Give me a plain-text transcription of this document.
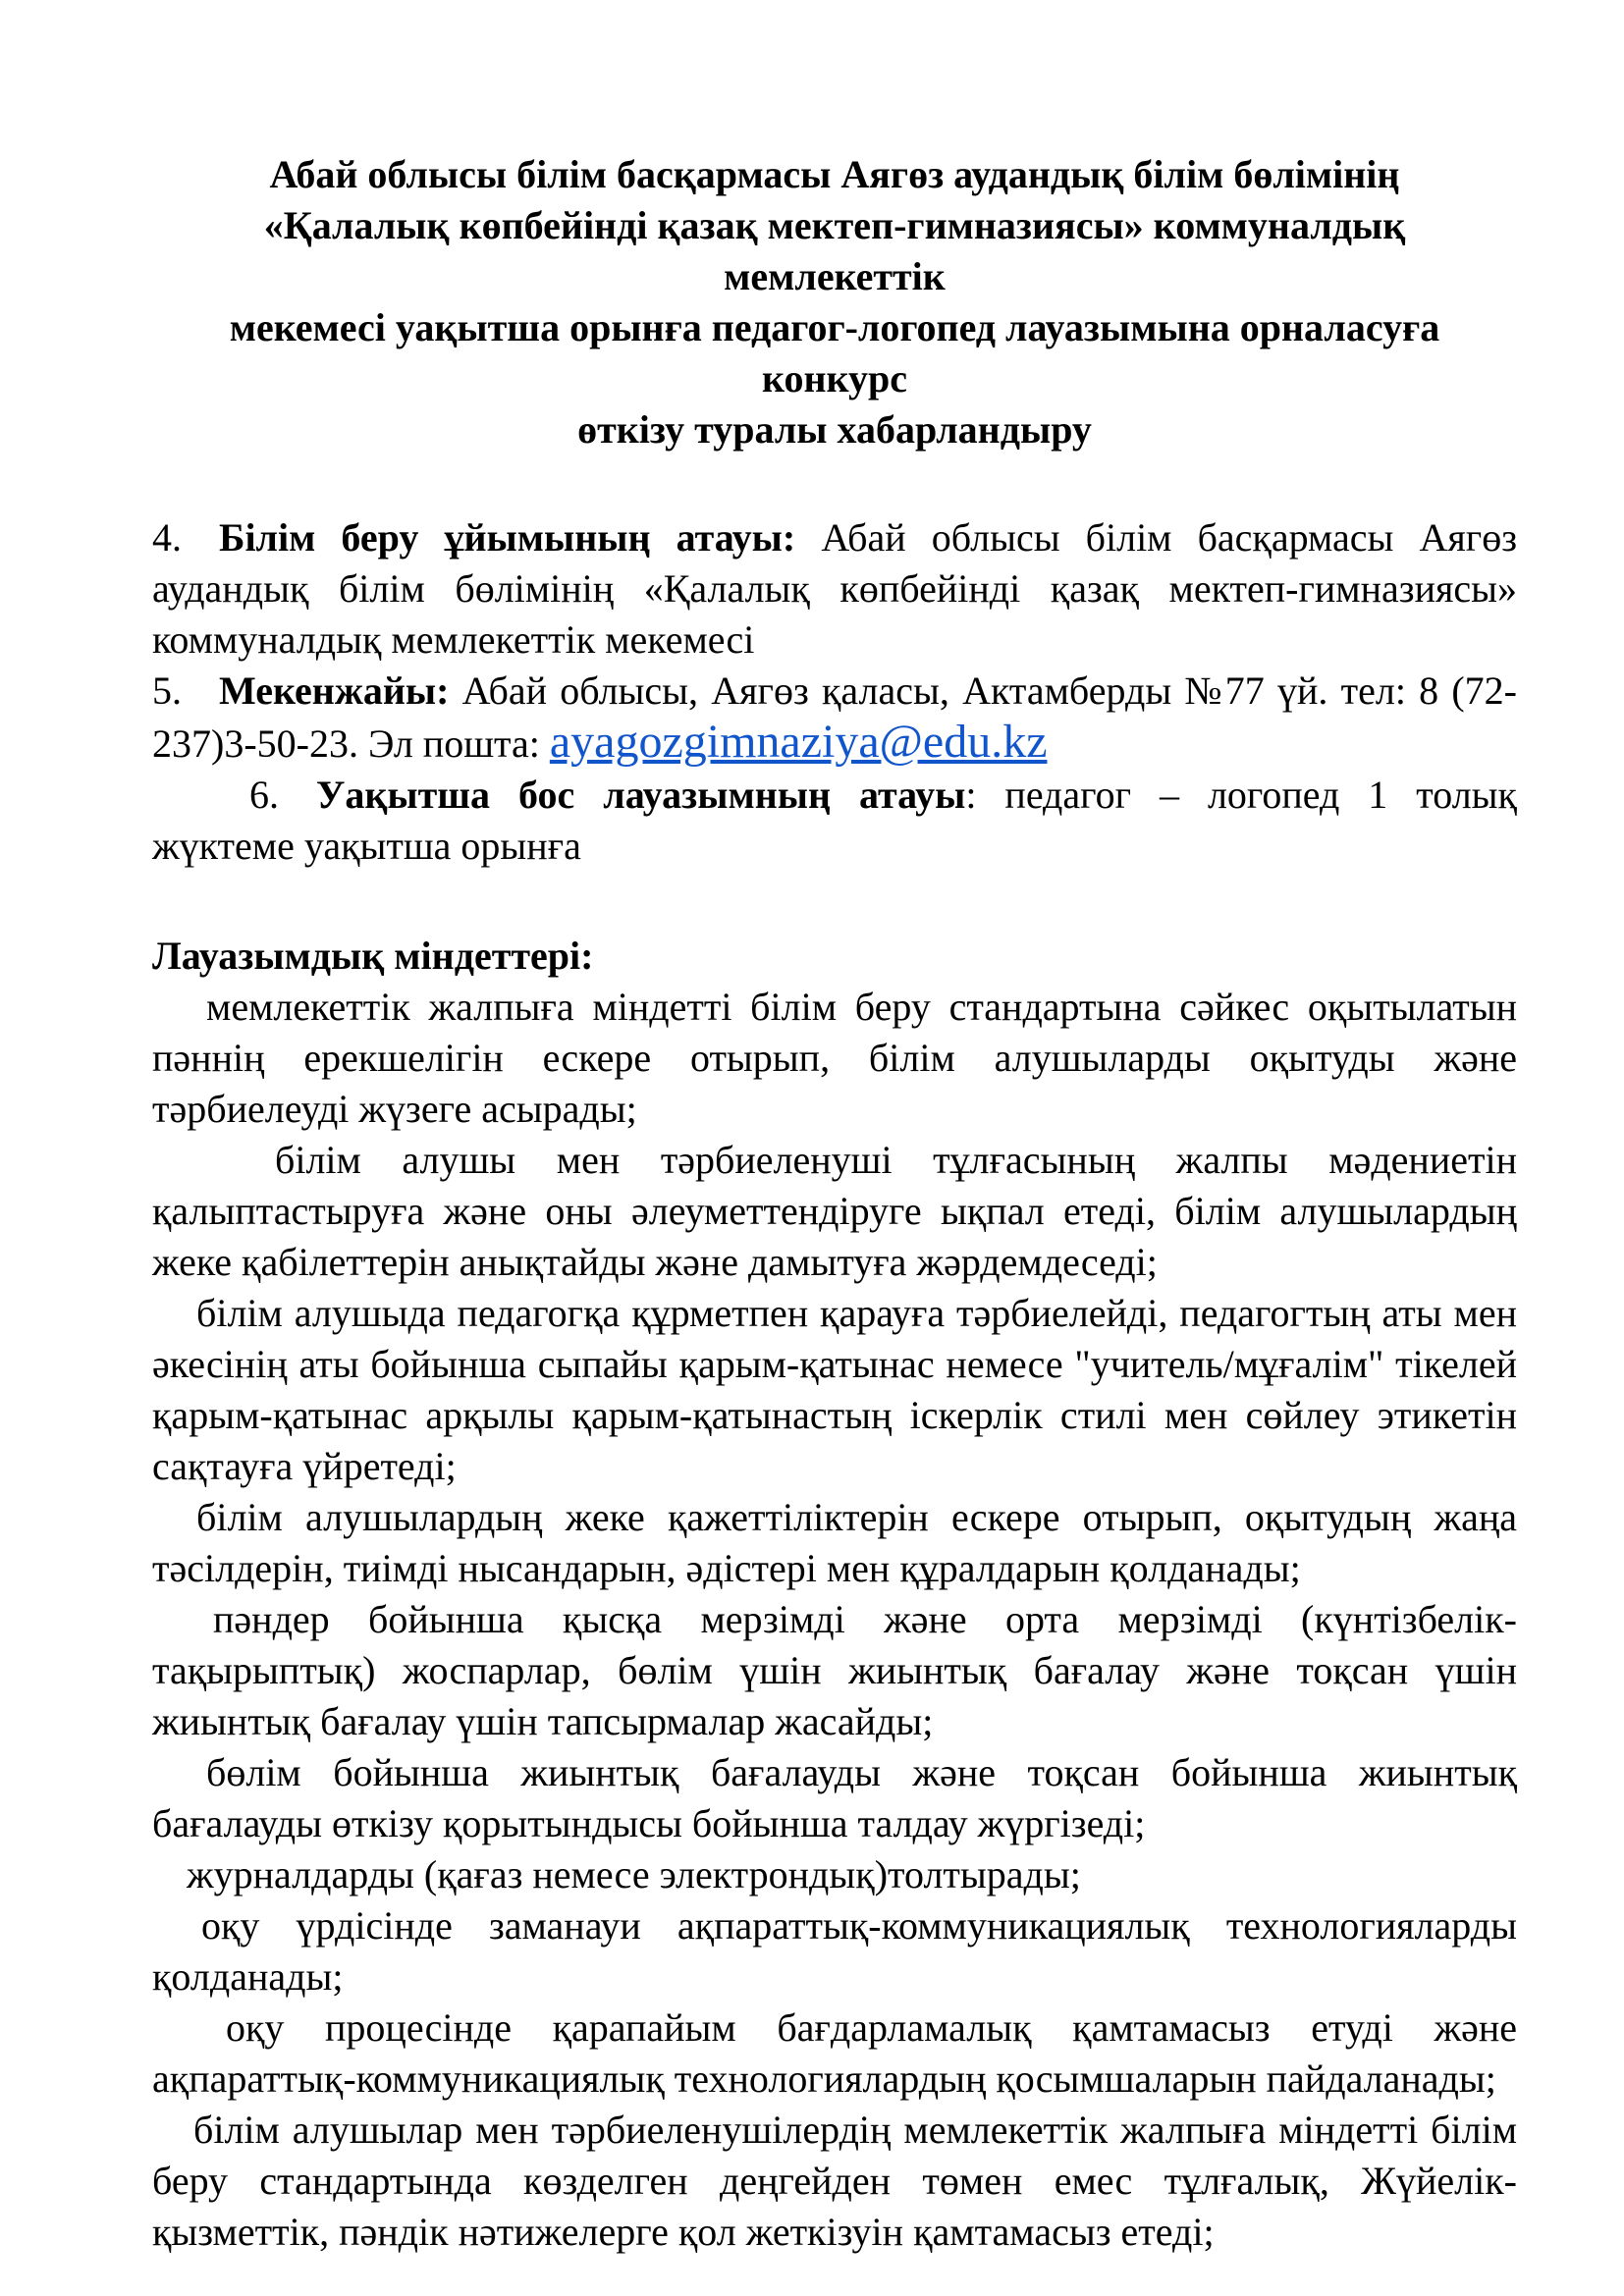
Абай облысы білім басқармасы Аягөз аудандық білім бөлімінің
«Қалалық көпбейінді қазақ мектеп-гимназиясы» коммуналдық мемлекеттік
мекемесі уақытша орынға педагог-логопед лауазымына орналасуға конкурс
өткізу туралы хабарландыру

4. Білім беру ұйымының атауы: Абай облысы білім басқармасы Аягөз аудандық білім бөлімінің «Қалалық көпбейінді қазақ мектеп-гимназиясы» коммуналдық мемлекеттік мекемесі

5. Мекенжайы: Абай облысы, Аягөз қаласы, Актамберды №77 үй. тел: 8 (72-237)3-50-23. Эл пошта: ayagozgimnaziya@edu.kz

6. Уақытша бос лауазымның атауы: педагог – логопед 1 толық жүктеме уақытша орынға

Лауазымдық міндеттері:

мемлекеттік жалпыға міндетті білім беру стандартына сәйкес оқытылатын пәннің ерекшелігін ескере отырып, білім алушыларды оқытуды және тәрбиелеуді жүзеге асырады;

білім алушы мен тәрбиеленуші тұлғасының жалпы мәдениетін қалыптастыруға және оны әлеуметтендіруге ықпал етеді, білім алушылардың жеке қабілеттерін анықтайды және дамытуға жәрдемдеседі;

білім алушыда педагогқа құрметпен қарауға тәрбиелейді, педагогтың аты мен әкесінің аты бойынша сыпайы қарым-қатынас немесе "учитель/мұғалім" тікелей қарым-қатынас арқылы қарым-қатынастың іскерлік стилі мен сөйлеу этикетін сақтауға үйретеді;

білім алушылардың жеке қажеттіліктерін ескере отырып, оқытудың жаңа тәсілдерін, тиімді нысандарын, әдістері мен құралдарын қолданады;

пәндер бойынша қысқа мерзімді және орта мерзімді (күнтізбелік-тақырыптық) жоспарлар, бөлім үшін жиынтық бағалау және тоқсан үшін жиынтық бағалау үшін тапсырмалар жасайды;

бөлім бойынша жиынтық бағалауды және тоқсан бойынша жиынтық бағалауды өткізу қорытындысы бойынша талдау жүргізеді;

журналдарды (қағаз немесе электрондық)толтырады;

оқу үрдісінде заманауи ақпараттық-коммуникациялық технологияларды қолданады;

оқу процесінде қарапайым бағдарламалық қамтамасыз етуді және ақпараттық-коммуникациялық технологиялардың қосымшаларын пайдаланады;

білім алушылар мен тәрбиеленушілердің мемлекеттік жалпыға міндетті білім беру стандартында көзделген деңгейден төмен емес тұлғалық, Жүйелік-қызметтік, пәндік нәтижелерге қол жеткізуін қамтамасыз етеді;
